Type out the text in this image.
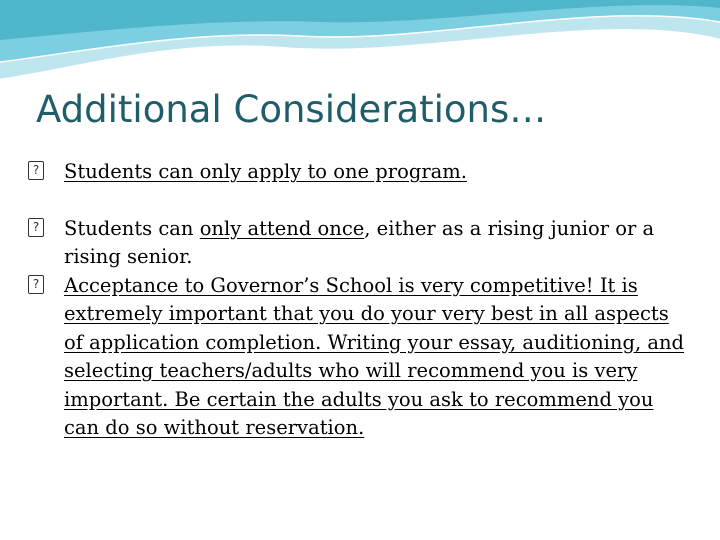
Additional Considerations…
? Students can only apply to one program.
? Students can only attend once, either as a rising junior or a rising senior.
? Acceptance to Governor’s School is very competitive! It is extremely important that you do your very best in all aspects of application completion. Writing your essay, auditioning, and selecting teachers/adults who will recommend you is very important. Be certain the adults you ask to recommend you can do so without reservation.
